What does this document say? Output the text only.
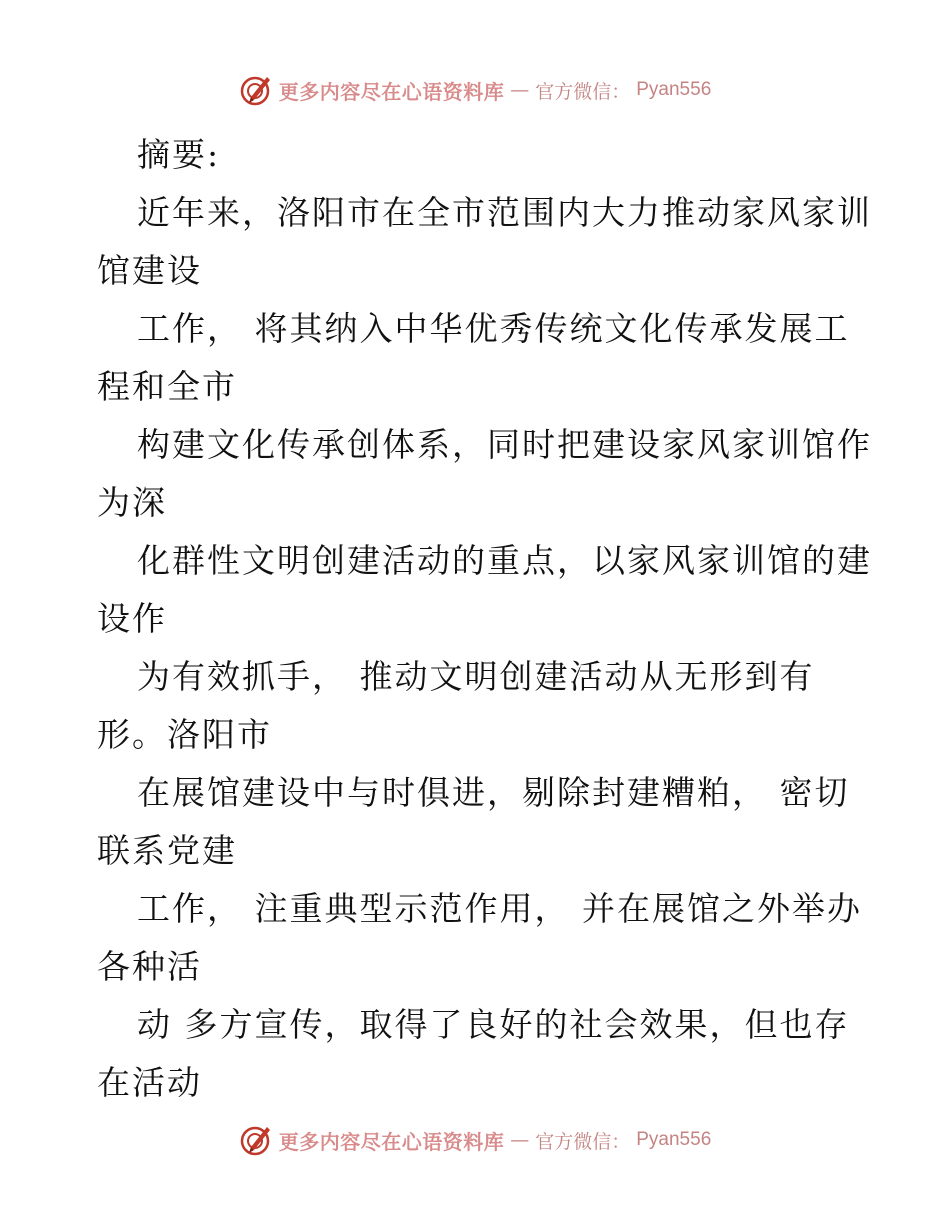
更多内容尽在心语资料库 — 官方微信： Pyan556
摘要:
近年来，洛阳市在全市范围内大力推动家风家训
馆建设
工作， 将其纳入中华优秀传统文化传承发展工
程和全市
构建文化传承创体系，同时把建设家风家训馆作
为深
化群性文明创建活动的重点，以家风家训馆的建
设作
为有效抓手， 推动文明创建活动从无形到有
形。洛阳市
在展馆建设中与时俱进，剔除封建糟粕， 密切
联系党建
工作， 注重典型示范作用， 并在展馆之外举办
各种活
动 多方宣传，取得了良好的社会效果，但也存
在活动
更多内容尽在心语资料库 — 官方微信： Pyan556
